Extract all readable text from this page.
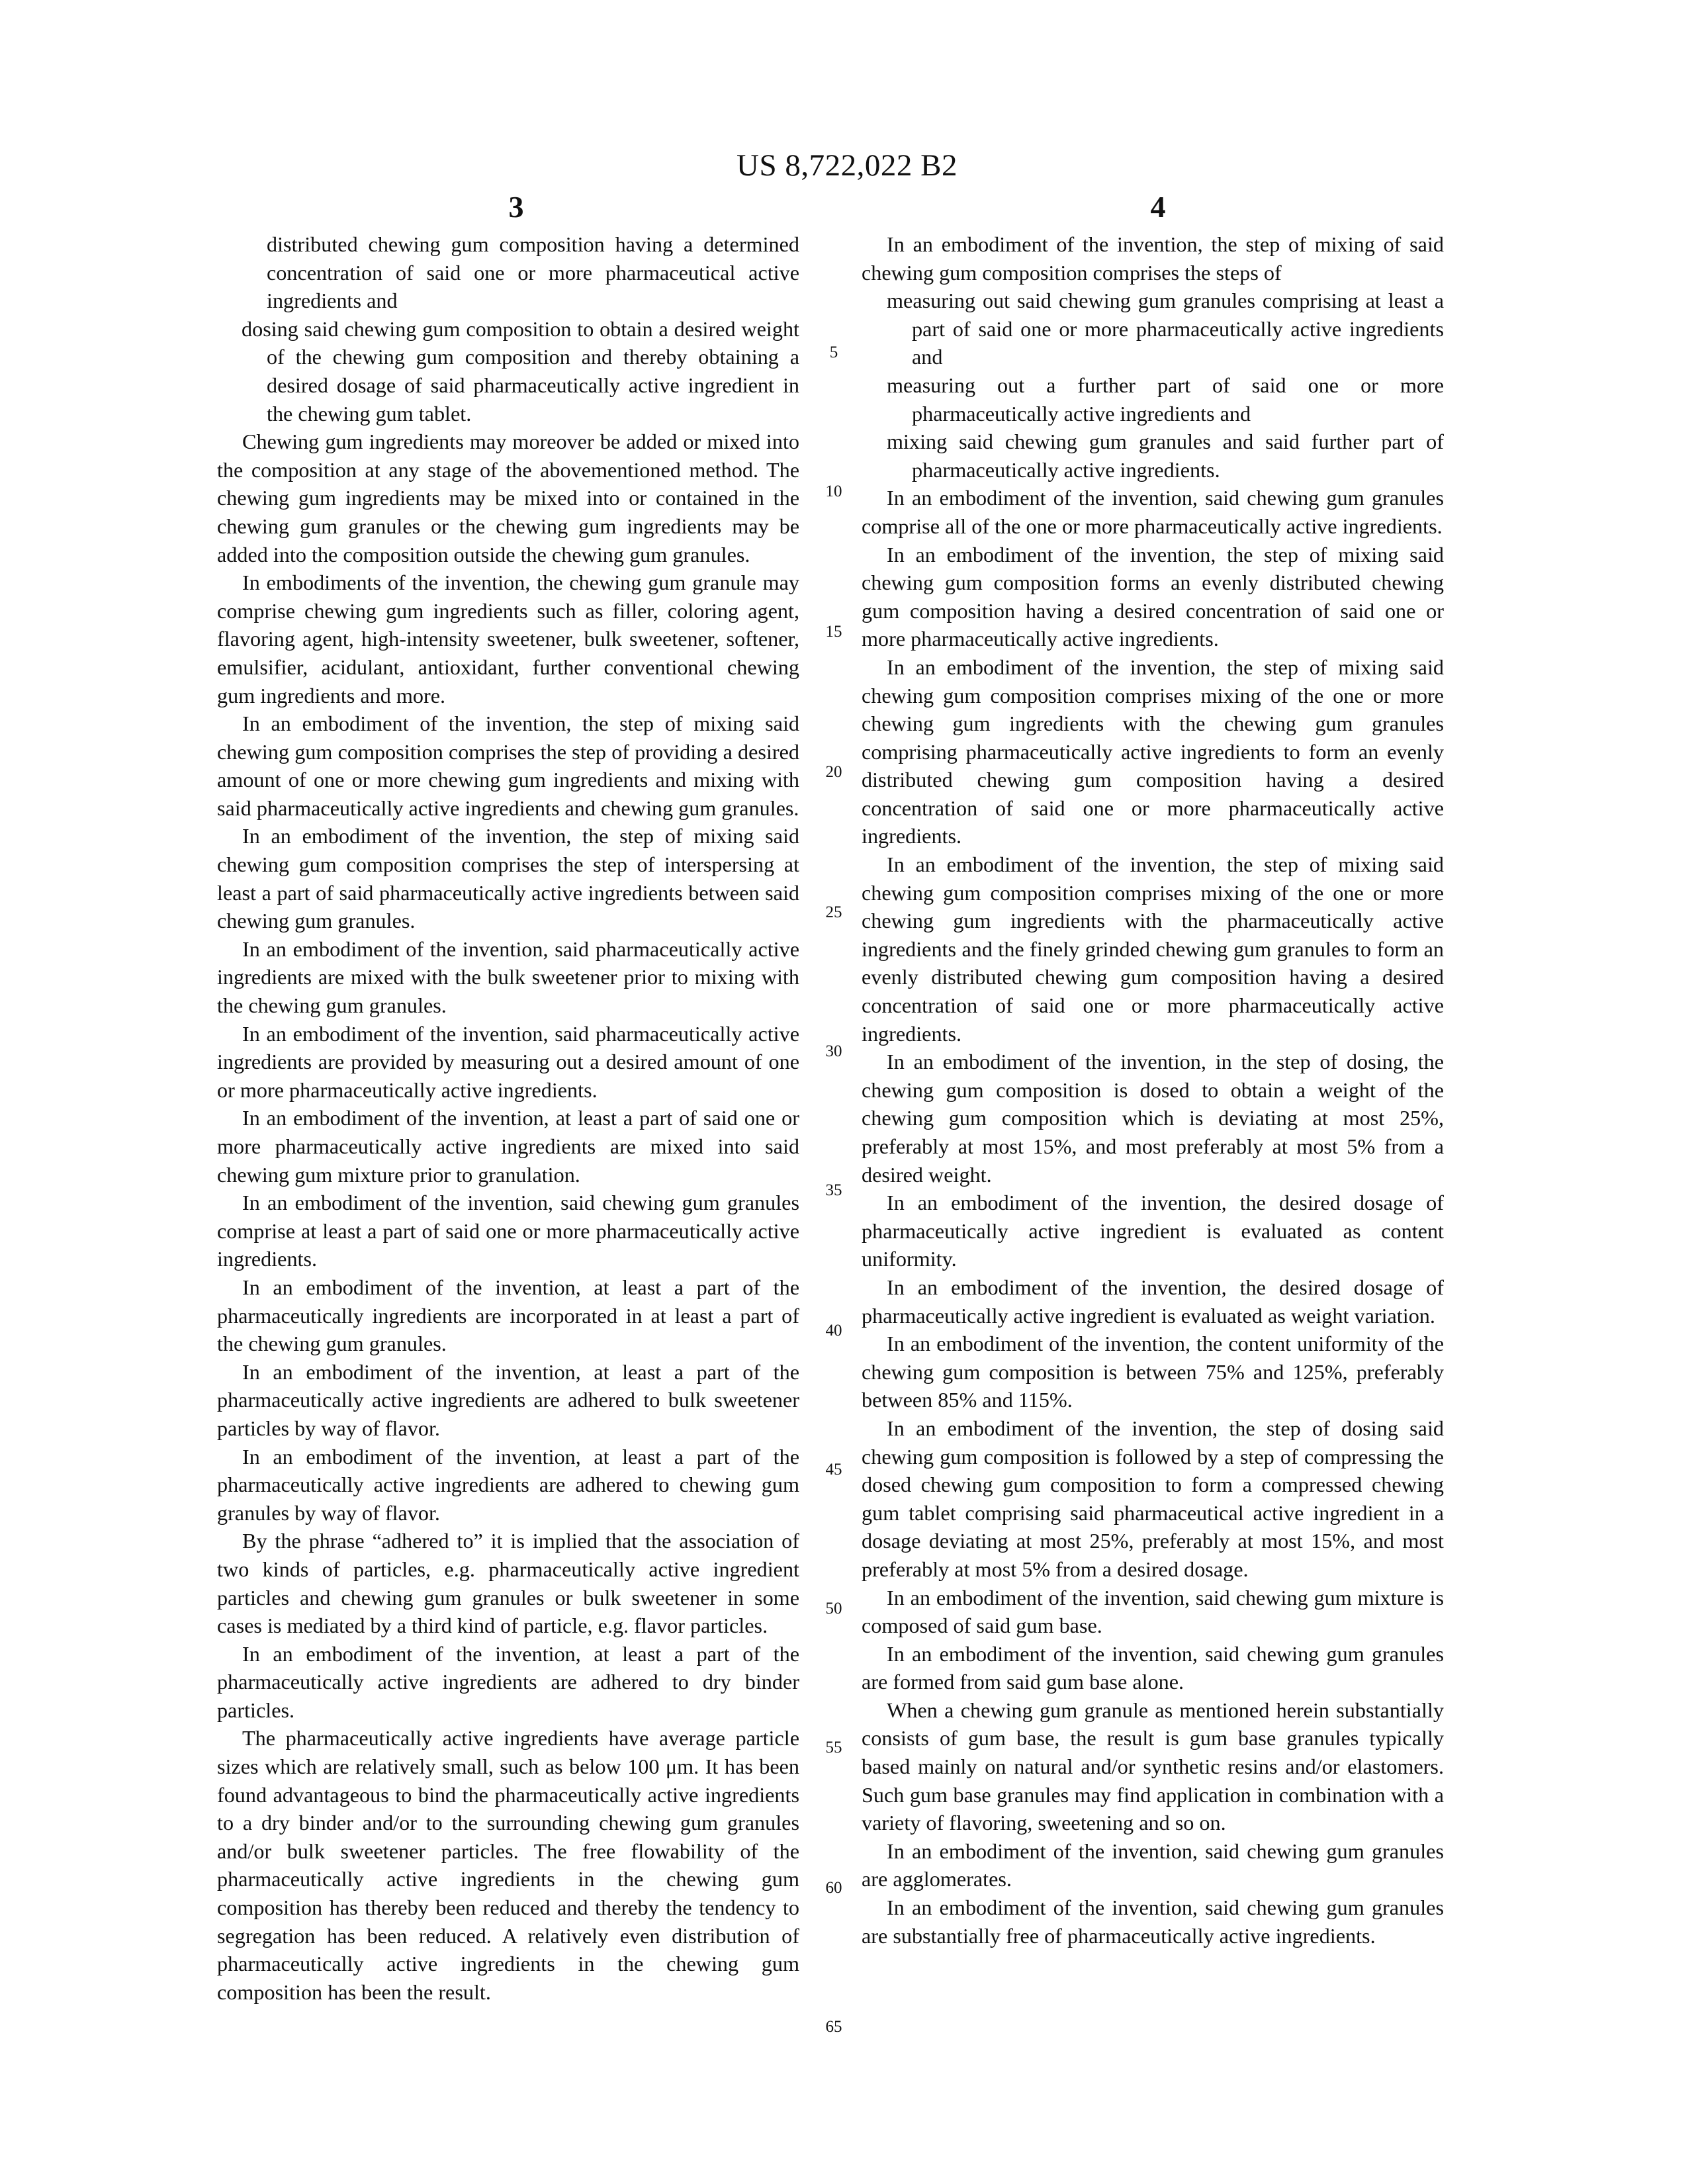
US 8,722,022 B2
3	4

distributed chewing gum composition having a determined concentration of said one or more pharmaceutical active ingredients and

dosing said chewing gum composition to obtain a desired weight of the chewing gum composition and thereby obtaining a desired dosage of said pharmaceutically active ingredient in the chewing gum tablet.

Chewing gum ingredients may moreover be added or mixed into the composition at any stage of the abovementioned method. The chewing gum ingredients may be mixed into or contained in the chewing gum granules or the chewing gum ingredients may be added into the composition outside the chewing gum granules.

In embodiments of the invention, the chewing gum granule may comprise chewing gum ingredients such as filler, coloring agent, flavoring agent, high-intensity sweetener, bulk sweetener, softener, emulsifier, acidulant, antioxidant, further conventional chewing gum ingredients and more.

In an embodiment of the invention, the step of mixing said chewing gum composition comprises the step of providing a desired amount of one or more chewing gum ingredients and mixing with said pharmaceutically active ingredients and chewing gum granules.

In an embodiment of the invention, the step of mixing said chewing gum composition comprises the step of interspersing at least a part of said pharmaceutically active ingredients between said chewing gum granules.

In an embodiment of the invention, said pharmaceutically active ingredients are mixed with the bulk sweetener prior to mixing with the chewing gum granules.

In an embodiment of the invention, said pharmaceutically active ingredients are provided by measuring out a desired amount of one or more pharmaceutically active ingredients.

In an embodiment of the invention, at least a part of said one or more pharmaceutically active ingredients are mixed into said chewing gum mixture prior to granulation.

In an embodiment of the invention, said chewing gum granules comprise at least a part of said one or more pharmaceutically active ingredients.

In an embodiment of the invention, at least a part of the pharmaceutically ingredients are incorporated in at least a part of the chewing gum granules.

In an embodiment of the invention, at least a part of the pharmaceutically active ingredients are adhered to bulk sweetener particles by way of flavor.

In an embodiment of the invention, at least a part of the pharmaceutically active ingredients are adhered to chewing gum granules by way of flavor.

By the phrase “adhered to” it is implied that the association of two kinds of particles, e.g. pharmaceutically active ingredient particles and chewing gum granules or bulk sweetener in some cases is mediated by a third kind of particle, e.g. flavor particles.

In an embodiment of the invention, at least a part of the pharmaceutically active ingredients are adhered to dry binder particles.

The pharmaceutically active ingredients have average particle sizes which are relatively small, such as below 100 μm. It has been found advantageous to bind the pharmaceutically active ingredients to a dry binder and/or to the surrounding chewing gum granules and/or bulk sweetener particles. The free flowability of the pharmaceutically active ingredients in the chewing gum composition has thereby been reduced and thereby the tendency to segregation has been reduced. A relatively even distribution of pharmaceutically active ingredients in the chewing gum composition has been the result.

In an embodiment of the invention, the step of mixing of said chewing gum composition comprises the steps of

measuring out said chewing gum granules comprising at least a part of said one or more pharmaceutically active ingredients and

measuring out a further part of said one or more pharmaceutically active ingredients and

mixing said chewing gum granules and said further part of pharmaceutically active ingredients.

In an embodiment of the invention, said chewing gum granules comprise all of the one or more pharmaceutically active ingredients.

In an embodiment of the invention, the step of mixing said chewing gum composition forms an evenly distributed chewing gum composition having a desired concentration of said one or more pharmaceutically active ingredients.

In an embodiment of the invention, the step of mixing said chewing gum composition comprises mixing of the one or more chewing gum ingredients with the chewing gum granules comprising pharmaceutically active ingredients to form an evenly distributed chewing gum composition having a desired concentration of said one or more pharmaceutically active ingredients.

In an embodiment of the invention, the step of mixing said chewing gum composition comprises mixing of the one or more chewing gum ingredients with the pharmaceutically active ingredients and the finely grinded chewing gum granules to form an evenly distributed chewing gum composition having a desired concentration of said one or more pharmaceutically active ingredients.

In an embodiment of the invention, in the step of dosing, the chewing gum composition is dosed to obtain a weight of the chewing gum composition which is deviating at most 25%, preferably at most 15%, and most preferably at most 5% from a desired weight.

In an embodiment of the invention, the desired dosage of pharmaceutically active ingredient is evaluated as content uniformity.

In an embodiment of the invention, the desired dosage of pharmaceutically active ingredient is evaluated as weight variation.

In an embodiment of the invention, the content uniformity of the chewing gum composition is between 75% and 125%, preferably between 85% and 115%.

In an embodiment of the invention, the step of dosing said chewing gum composition is followed by a step of compressing the dosed chewing gum composition to form a compressed chewing gum tablet comprising said pharmaceutical active ingredient in a dosage deviating at most 25%, preferably at most 15%, and most preferably at most 5% from a desired dosage.

In an embodiment of the invention, said chewing gum mixture is composed of said gum base.

In an embodiment of the invention, said chewing gum granules are formed from said gum base alone.

When a chewing gum granule as mentioned herein substantially consists of gum base, the result is gum base granules typically based mainly on natural and/or synthetic resins and/or elastomers. Such gum base granules may find application in combination with a variety of flavoring, sweetening and so on.

In an embodiment of the invention, said chewing gum granules are agglomerates.

In an embodiment of the invention, said chewing gum granules are substantially free of pharmaceutically active ingredients.

5
10
15
20
25
30
35
40
45
50
55
60
65
